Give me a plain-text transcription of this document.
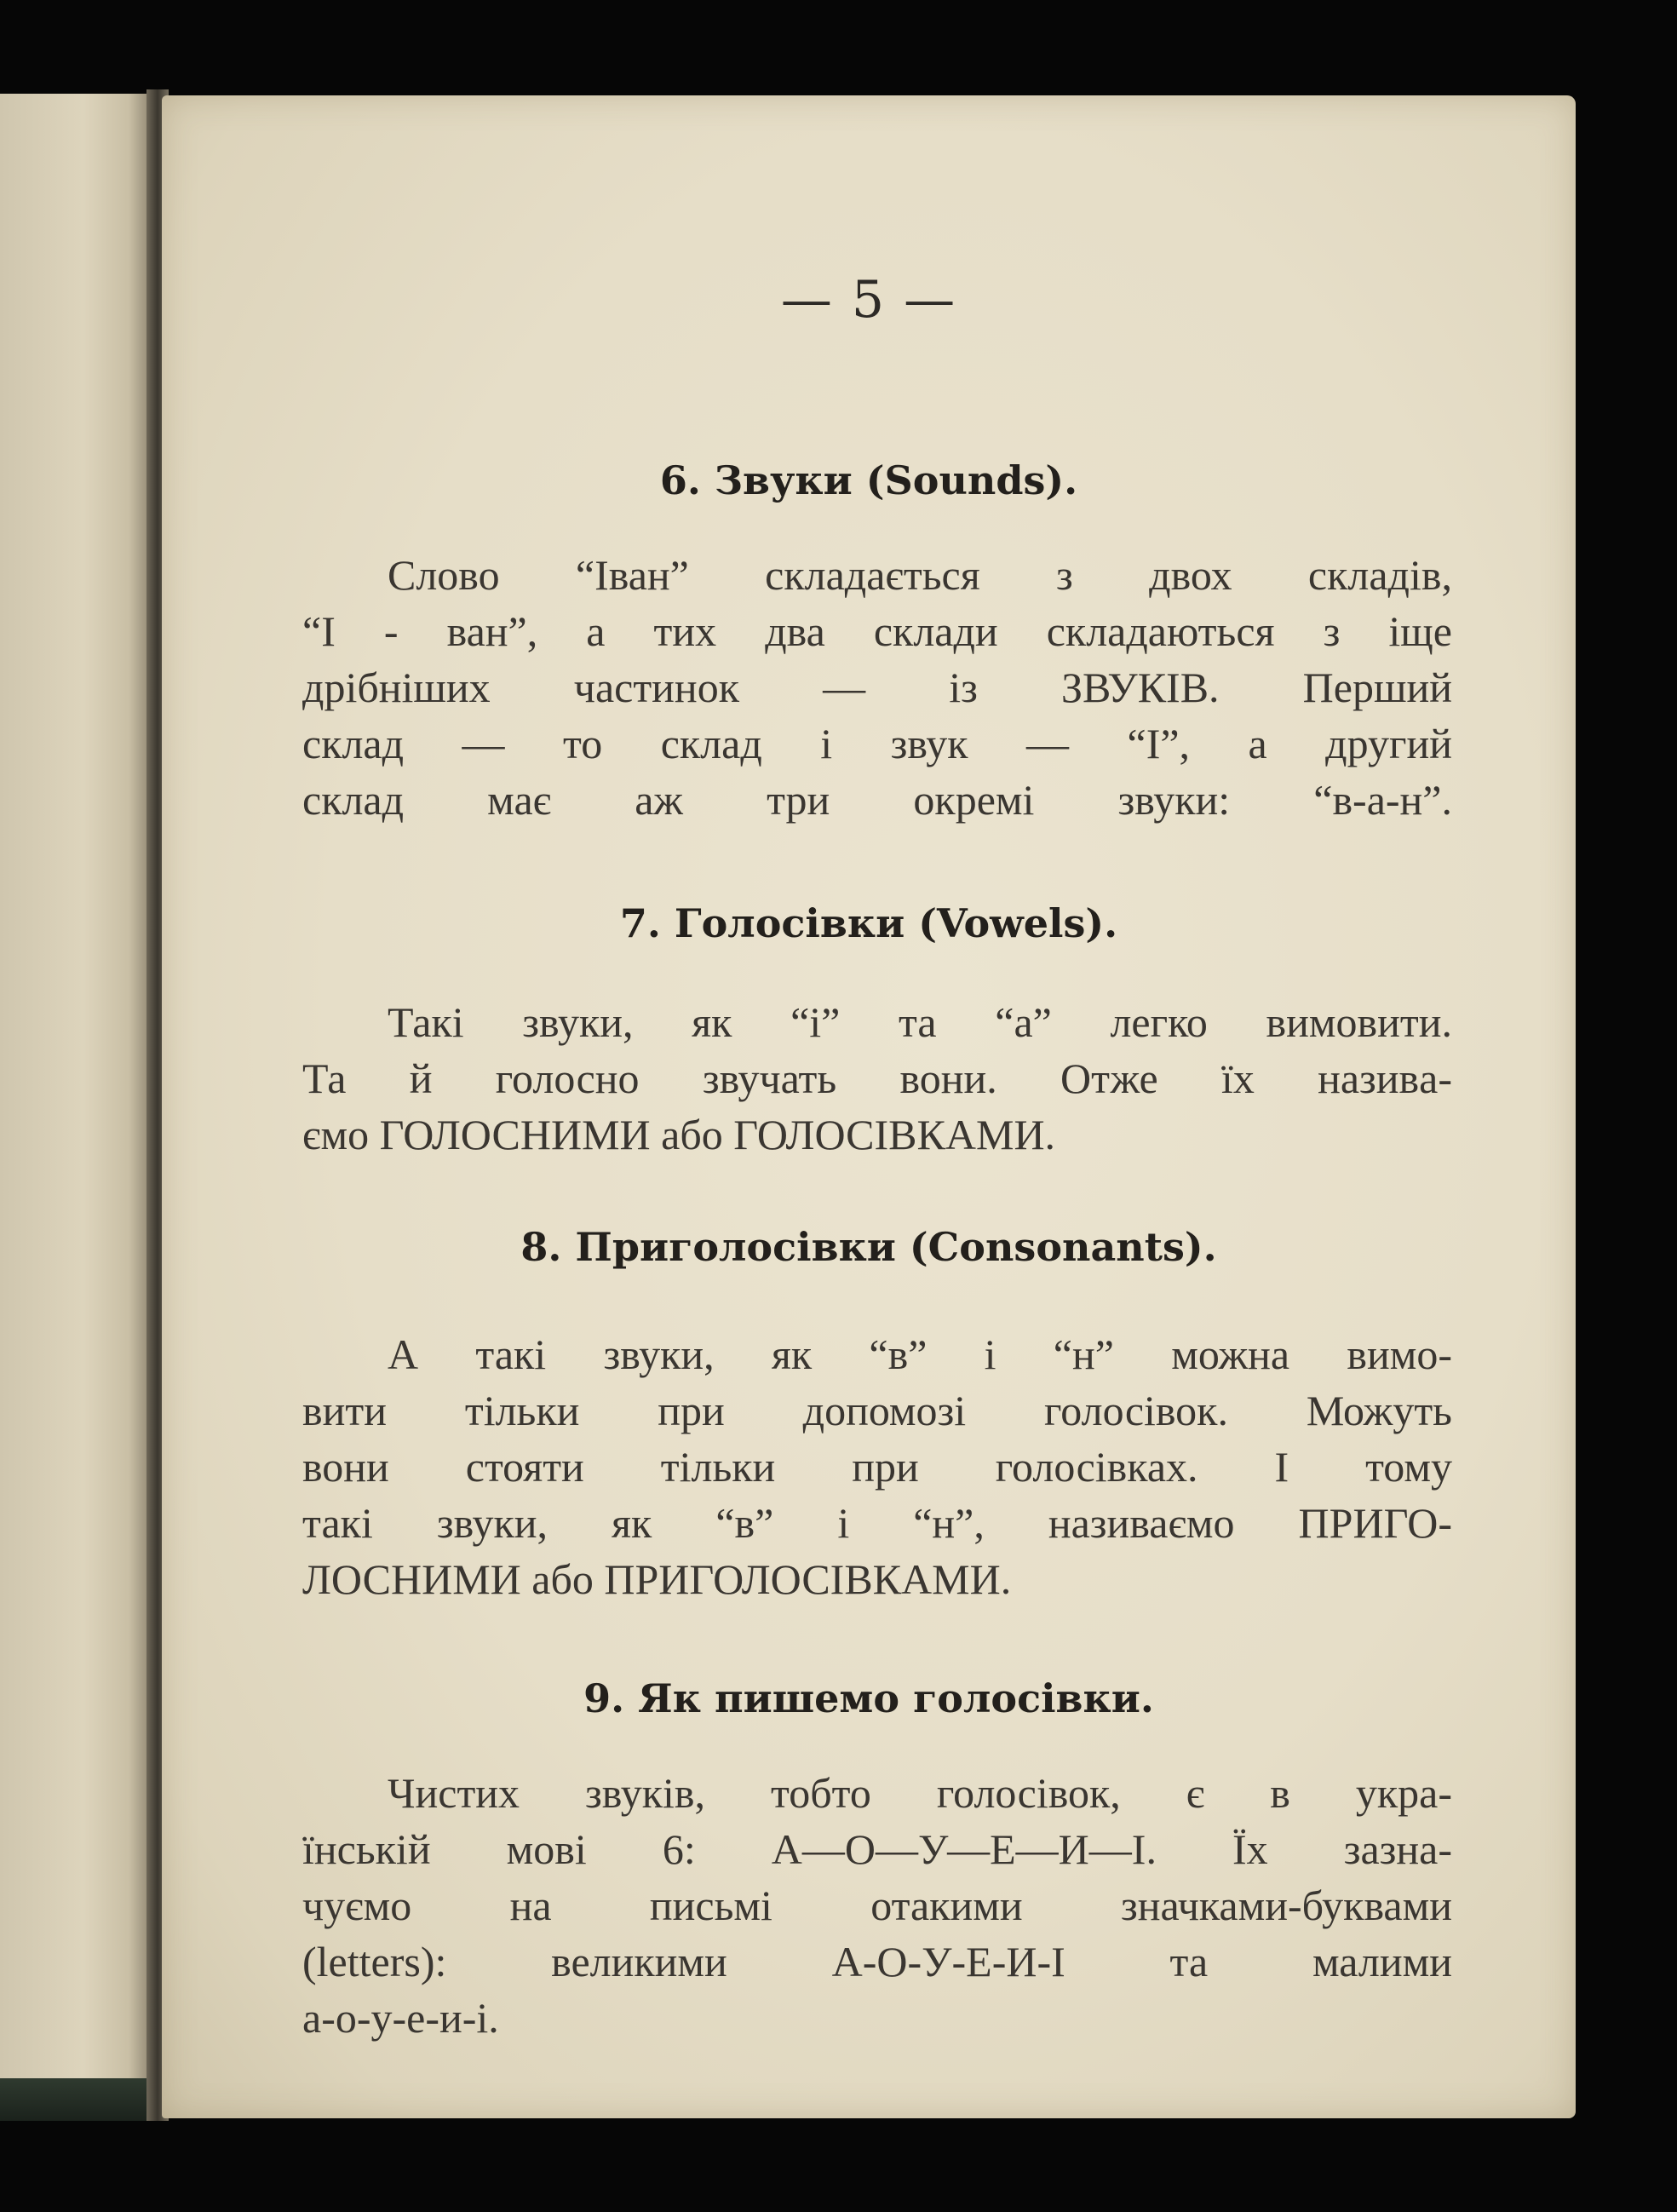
— 5 —
6. Звуки (Sounds).
Слово “Іван” складається з двох складів,
“І - ван”, а тих два склади складаються з іще
дрібніших частинок — із ЗВУКІВ. Перший
склад — то склад і звук — “І”, а другий
склад має аж три окремі звуки: “в-а-н”.
7. Голосівки (Vowels).
Такі звуки, як “і” та “а” легко вимовити.
Та й голосно звучать вони. Отже їх називa-
ємо ГОЛОСНИМИ або ГОЛОСІВКАМИ.
8. Приголосівки (Consonants).
А такі звуки, як “в” і “н” можна вимо-
вити тільки при допомозі голосівок. Можуть
вони стояти тільки при голосівках. І тому
такі звуки, як “в” і “н”, називаємо ПРИГО-
ЛОСНИМИ або ПРИГОЛОСІВКАМИ.
9. Як пишемо голосівки.
Чистих звуків, тобто голосівок, є в укра-
їнській мові 6: А—О—У—Е—И—І. Їх зазна-
чуємо на письмі отакими значками-буквами
(letters): великими А-О-У-Е-И-І та малими
а-о-у-е-и-і.
